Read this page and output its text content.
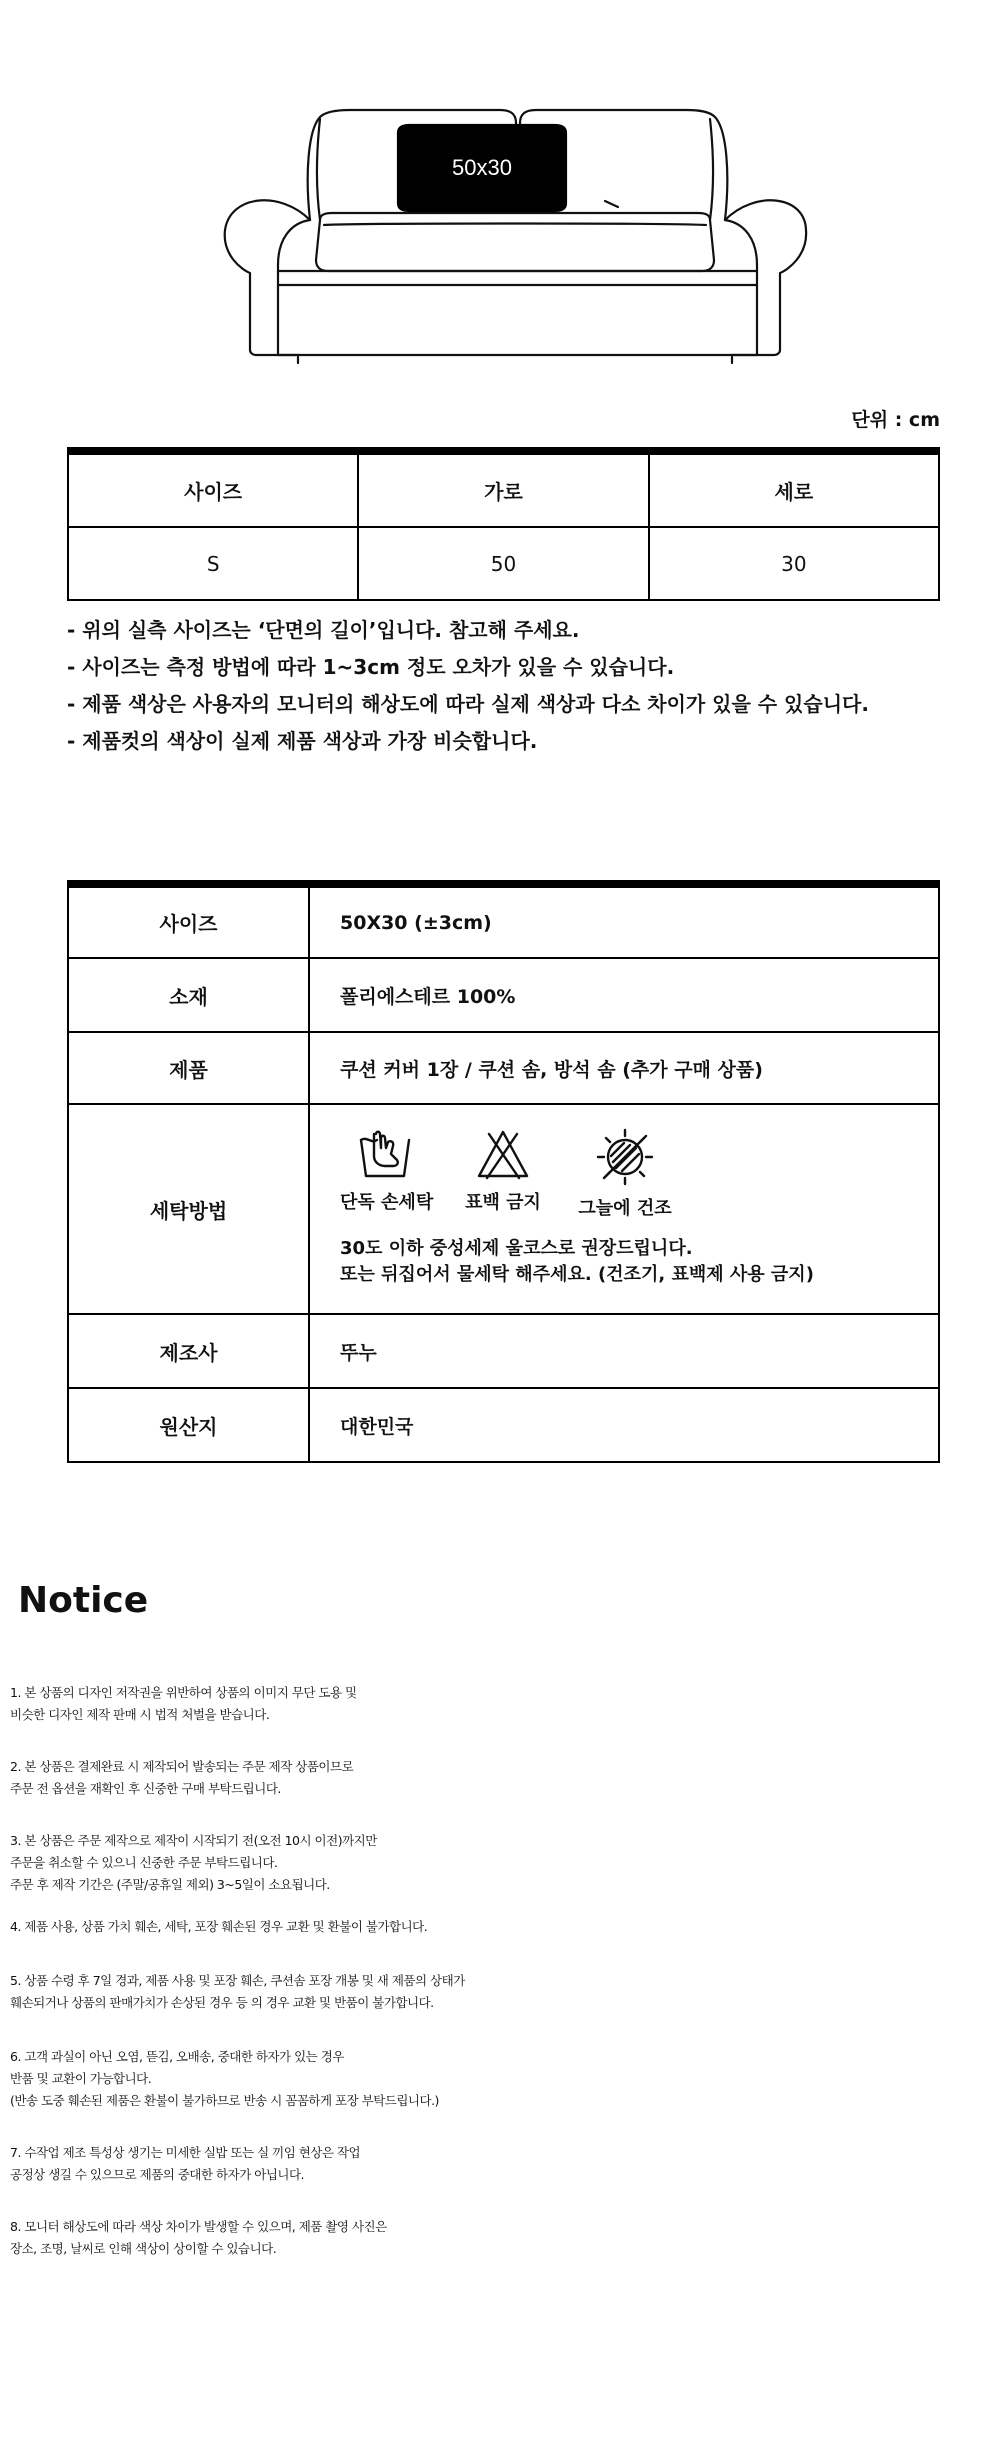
50x30
단위 : cm
사이즈	가로	세로
S	50	30
- 위의 실측 사이즈는 ‘단면의 길이’입니다. 참고해 주세요.
- 사이즈는 측정 방법에 따라 1~3cm 정도 오차가 있을 수 있습니다.
- 제품 색상은 사용자의 모니터의 해상도에 따라 실제 색상과 다소 차이가 있을 수 있습니다.
- 제품컷의 색상이 실제 제품 색상과 가장 비슷합니다.
사이즈	50X30 (±3cm)
소재	폴리에스테르 100%
제품	쿠션 커버 1장 / 쿠션 솜, 방석 솜 (추가 구매 상품)
세탁방법	단독 손세탁 표백 금지 그늘에 건조
30도 이하 중성세제 울코스로 권장드립니다.
또는 뒤집어서 물세탁 해주세요. (건조기, 표백제 사용 금지)

제조사	뚜누
원산지	대한민국
Notice
1. 본 상품의 디자인 저작권을 위반하여 상품의 이미지 무단 도용 및
비슷한 디자인 제작 판매 시 법적 처벌을 받습니다.
2. 본 상품은 결제완료 시 제작되어 발송되는 주문 제작 상품이므로
주문 전 옵션을 재확인 후 신중한 구매 부탁드립니다.
3. 본 상품은 주문 제작으로 제작이 시작되기 전(오전 10시 이전)까지만
주문을 취소할 수 있으니 신중한 주문 부탁드립니다.
주문 후 제작 기간은 (주말/공휴일 제외) 3~5일이 소요됩니다.
4. 제품 사용, 상품 가치 훼손, 세탁, 포장 훼손된 경우 교환 및 환불이 불가합니다.
5. 상품 수령 후 7일 경과, 제품 사용 및 포장 훼손, 쿠션솜 포장 개봉 및 새 제품의 상태가
훼손되거나 상품의 판매가치가 손상된 경우 등 의 경우 교환 및 반품이 불가합니다.
6. 고객 과실이 아닌 오염, 뜯김, 오배송, 중대한 하자가 있는 경우
반품 및 교환이 가능합니다.
(반송 도중 훼손된 제품은 환불이 불가하므로 반송 시 꼼꼼하게 포장 부탁드립니다.)
7. 수작업 제조 특성상 생기는 미세한 실밥 또는 실 끼임 현상은 작업
공정상 생길 수 있으므로 제품의 중대한 하자가 아닙니다.
8. 모니터 해상도에 따라 색상 차이가 발생할 수 있으며, 제품 촬영 사진은
장소, 조명, 날씨로 인해 색상이 상이할 수 있습니다.
